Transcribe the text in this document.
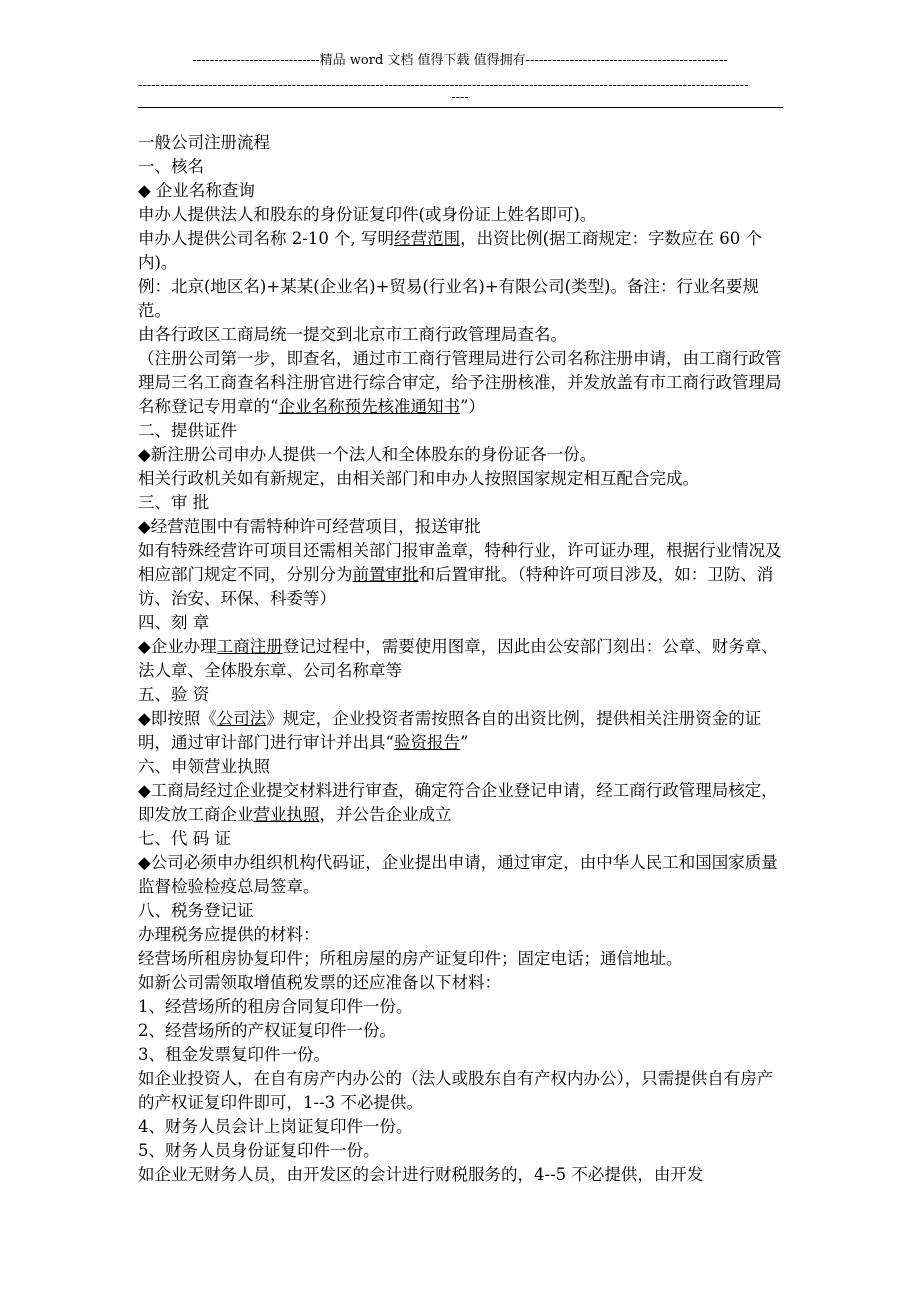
-----------------------------精品 word 文档 值得下载 值得拥有----------------------------------------------
-------------------------------------------------------------------------------------------------------------------------------------------
----

一般公司注册流程

一、核名

◆ 企业名称查询

申办人提供法人和股东的身份证复印件(或身份证上姓名即可)。

申办人提供公司名称 2-10 个, 写明经营范围，出资比例(据工商规定：字数应在 60 个内)。

例：北京(地区名)+某某(企业名)+贸易(行业名)+有限公司(类型)。备注：行业名要规范。

由各行政区工商局统一提交到北京市工商行政管理局查名。

（注册公司第一步，即查名，通过市工商行管理局进行公司名称注册申请，由工商行政管理局三名工商查名科注册官进行综合审定，给予注册核准，并发放盖有市工商行政管理局名称登记专用章的“企业名称预先核准通知书”）

二、提供证件

◆新注册公司申办人提供一个法人和全体股东的身份证各一份。

相关行政机关如有新规定，由相关部门和申办人按照国家规定相互配合完成。

三、审 批

◆经营范围中有需特种许可经营项目，报送审批

如有特殊经营许可项目还需相关部门报审盖章，特种行业，许可证办理，根据行业情况及相应部门规定不同，分别分为前置审批和后置审批。（特种许可项目涉及，如：卫防、消访、治安、环保、科委等）

四、刻 章

◆企业办理工商注册登记过程中，需要使用图章，因此由公安部门刻出：公章、财务章、法人章、全体股东章、公司名称章等

五、验 资

◆即按照《公司法》规定，企业投资者需按照各自的出资比例，提供相关注册资金的证明，通过审计部门进行审计并出具“验资报告”

六、申领营业执照

◆工商局经过企业提交材料进行审查，确定符合企业登记申请，经工商行政管理局核定，即发放工商企业营业执照，并公告企业成立

七、代 码 证

◆公司必须申办组织机构代码证，企业提出申请，通过审定，由中华人民工和国国家质量监督检验检疫总局签章。

八、税务登记证

办理税务应提供的材料：

经营场所租房协复印件；所租房屋的房产证复印件；固定电话；通信地址。

如新公司需领取增值税发票的还应准备以下材料：

1、经营场所的租房合同复印件一份。

2、经营场所的产权证复印件一份。

3、租金发票复印件一份。

如企业投资人，在自有房产内办公的（法人或股东自有产权内办公），只需提供自有房产的产权证复印件即可，1--3 不必提供。

4、财务人员会计上岗证复印件一份。

5、财务人员身份证复印件一份。

如企业无财务人员，由开发区的会计进行财税服务的，4--5 不必提供，由开发
